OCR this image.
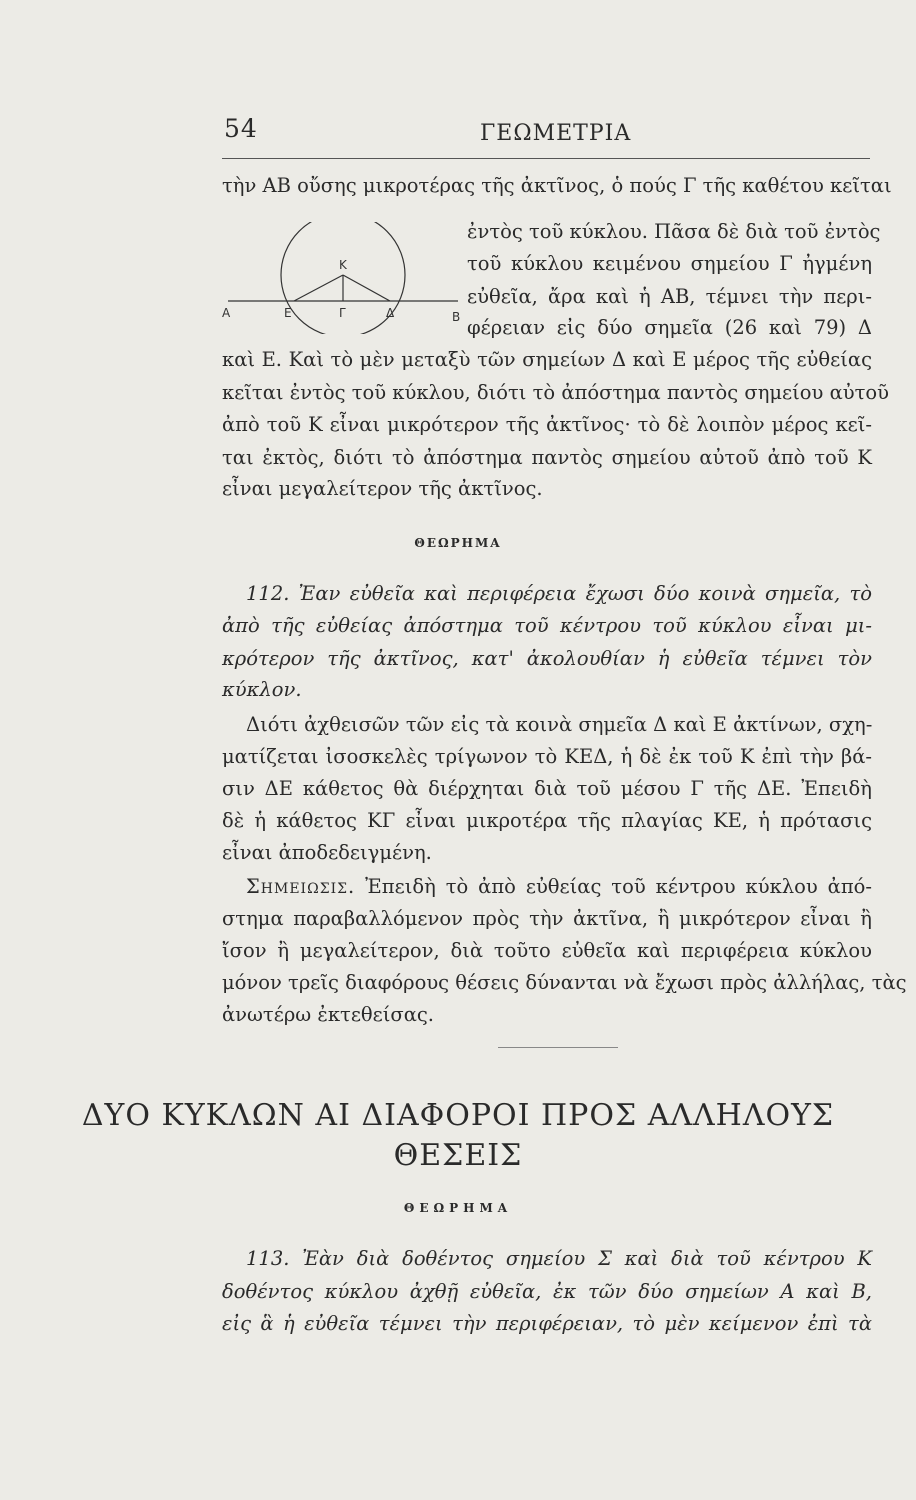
54	ΓΕΩΜΕΤΡΙΑ
τὴν ΑΒ οὔσης μικροτέρας τῆς ἀκτῖνος, ὁ πούς Γ τῆς καθέτου κεῖται
Κ
Α	Ε	Γ	Δ	Β
ἐντὸς τοῦ κύκλου. Πᾶσα δὲ διὰ τοῦ ἐντὸς
τοῦ κύκλου κειμένου σημείου Γ ἠγμένη
εὐθεῖα, ἄρα καὶ ἡ ΑΒ, τέμνει τὴν περι-
φέρειαν εἰς δύο σημεῖα (26 καὶ 79) Δ
καὶ Ε. Καὶ τὸ μὲν μεταξὺ τῶν σημείων Δ καὶ Ε μέρος τῆς εὐθείας
κεῖται ἐντὸς τοῦ κύκλου, διότι τὸ ἀπόστημα παντὸς σημείου αὐτοῦ
ἀπὸ τοῦ Κ εἶναι μικρότερον τῆς ἀκτῖνος· τὸ δὲ λοιπὸν μέρος κεῖ-
ται ἐκτὸς, διότι τὸ ἀπόστημα παντὸς σημείου αὐτοῦ ἀπὸ τοῦ Κ
εἶναι μεγαλείτερον τῆς ἀκτῖνος.
ΘΕΩΡΗΜΑ
112. Ἐαν εὐθεῖα καὶ περιφέρεια ἔχωσι δύο κοινὰ σημεῖα, τὸ
ἀπὸ τῆς εὐθείας ἀπόστημα τοῦ κέντρου τοῦ κύκλου εἶναι μι-
κρότερον τῆς ἀκτῖνος, κατ' ἀκολουθίαν ἡ εὐθεῖα τέμνει τὸν
κύκλον.
Διότι ἀχθεισῶν τῶν εἰς τὰ κοινὰ σημεῖα Δ καὶ Ε ἀκτίνων, σχη-
ματίζεται ἰσοσκελὲς τρίγωνον τὸ ΚΕΔ, ἡ δὲ ἐκ τοῦ Κ ἐπὶ τὴν βά-
σιν ΔΕ κάθετος θὰ διέρχηται διὰ τοῦ μέσου Γ τῆς ΔΕ. Ἐπειδὴ
δὲ ἡ κάθετος ΚΓ εἶναι μικροτέρα τῆς πλαγίας ΚΕ, ἡ πρότασις
εἶναι ἀποδεδειγμένη.
Σημειωσις. Ἐπειδὴ τὸ ἀπὸ εὐθείας τοῦ κέντρου κύκλου ἀπό-
στημα παραβαλλόμενον πρὸς τὴν ἀκτῖνα, ἢ μικρότερον εἶναι ἢ
ἴσον ἢ μεγαλείτερον, διὰ τοῦτο εὐθεῖα καὶ περιφέρεια κύκλου
μόνον τρεῖς διαφόρους θέσεις δύνανται νὰ ἔχωσι πρὸς ἀλλήλας, τὰς
ἀνωτέρω ἐκτεθείσας.
ΔΥΟ ΚΥΚΛΩΝ ΑΙ ΔΙΑΦΟΡΟΙ ΠΡΟΣ ΑΛΛΗΛΟΥΣ
ΘΕΣΕΙΣ
ΘΕΩΡΗΜΑ
113. Ἐὰν διὰ δοθέντος σημείου Σ καὶ διὰ τοῦ κέντρου Κ
δοθέντος κύκλου ἀχθῇ εὐθεῖα, ἐκ τῶν δύο σημείων Α καὶ Β,
εἰς ἃ ἡ εὐθεῖα τέμνει τὴν περιφέρειαν, τὸ μὲν κείμενον ἐπὶ τὰ
